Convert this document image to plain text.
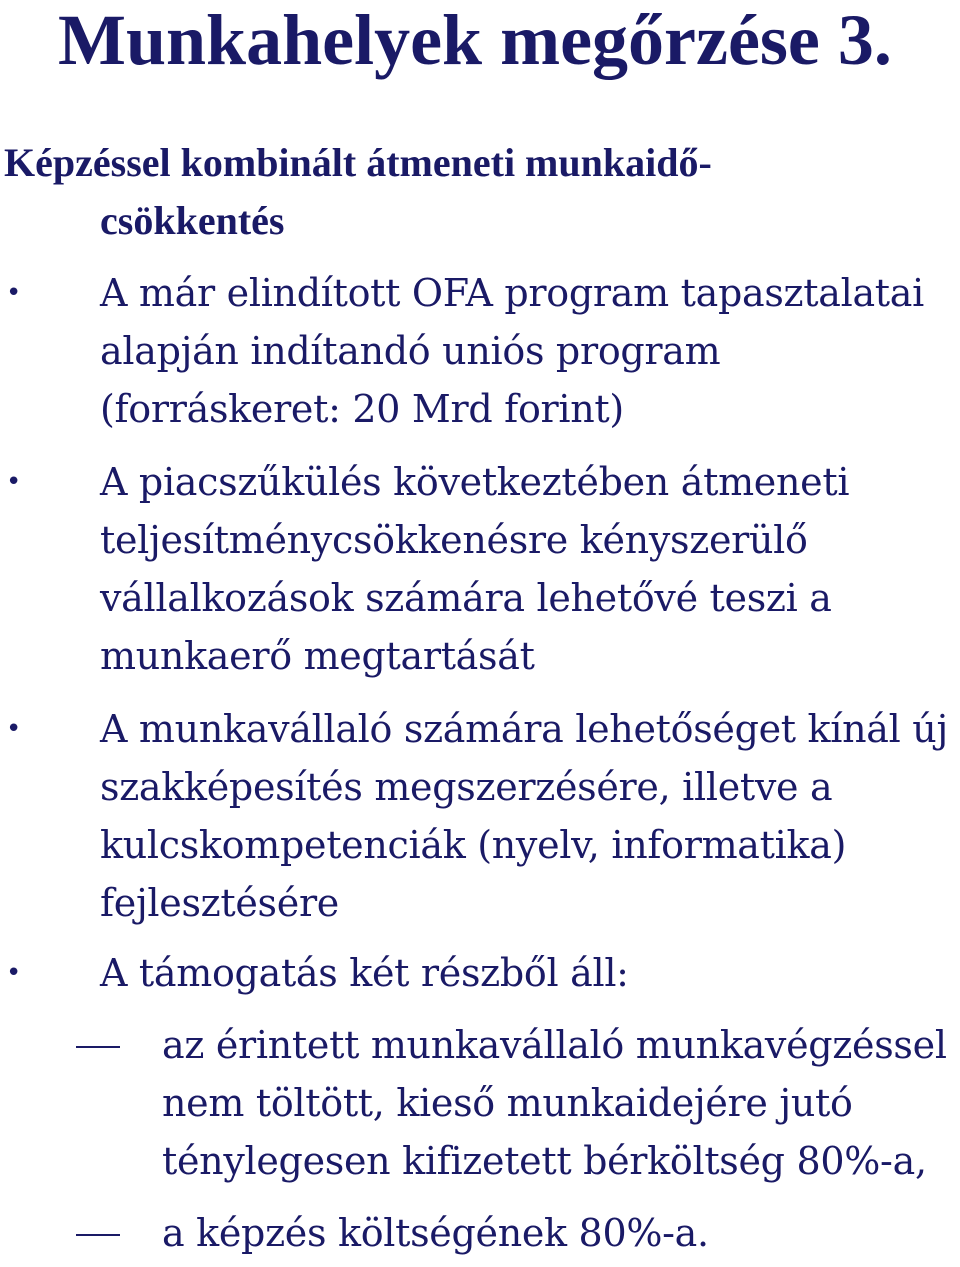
Munkahelyek megőrzése 3.
Képzéssel kombinált átmeneti munkaidő-
csökkentés
• A már elindított OFA program tapasztalatai alapján indítandó uniós program (forráskeret: 20 Mrd forint)
• A piacszűkülés következtében átmeneti teljesítménycsökkenésre kényszerülő vállalkozások számára lehetővé teszi a munkaerő megtartását
• A munkavállaló számára lehetőséget kínál új szakképesítés megszerzésére, illetve a kulcskompetenciák (nyelv, informatika) fejlesztésére
• A támogatás két részből áll:
az érintett munkavállaló munkavégzéssel nem töltött, kieső munkaidejére jutó ténylegesen kifizetett bérköltség 80%-a,
a képzés költségének 80%-a.
